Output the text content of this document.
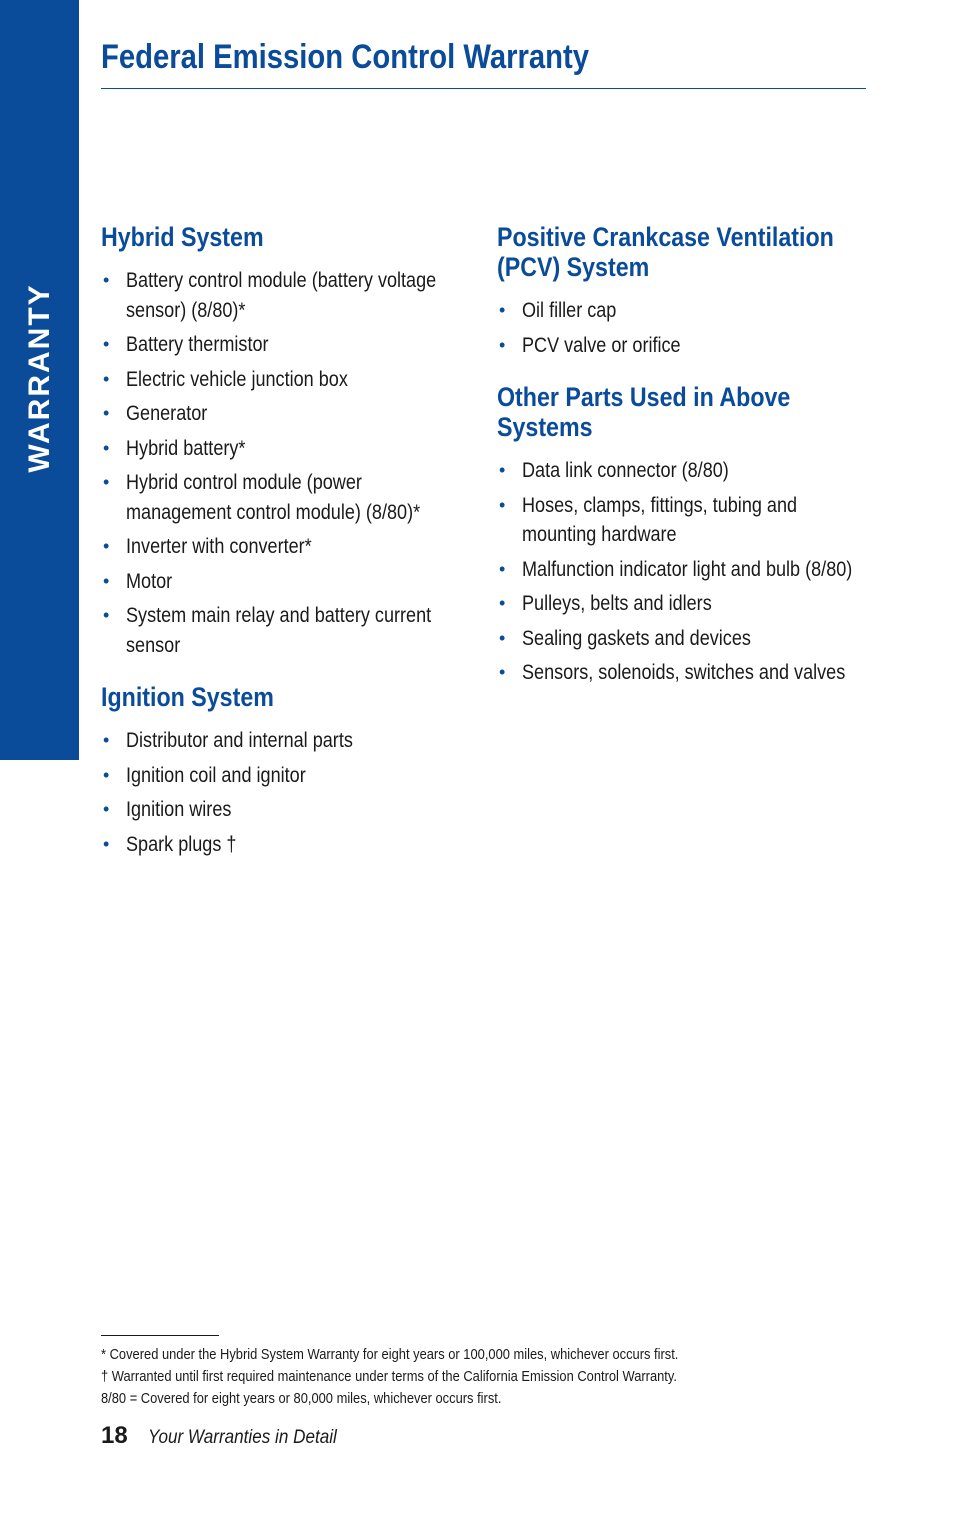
WARRANTY
Federal Emission Control Warranty
Hybrid System
• Battery control module (battery voltage sensor) (8/80)*
• Battery thermistor
• Electric vehicle junction box
• Generator
• Hybrid battery*
• Hybrid control module (power management control module) (8/80)*
• Inverter with converter*
• Motor
• System main relay and battery current sensor
Ignition System
• Distributor and internal parts
• Ignition coil and ignitor
• Ignition wires
• Spark plugs †
Positive Crankcase Ventilation (PCV) System
• Oil filler cap
• PCV valve or orifice
Other Parts Used in Above Systems
• Data link connector (8/80)
• Hoses, clamps, fittings, tubing and mounting hardware
• Malfunction indicator light and bulb (8/80)
• Pulleys, belts and idlers
• Sealing gaskets and devices
• Sensors, solenoids, switches and valves
* Covered under the Hybrid System Warranty for eight years or 100,000 miles, whichever occurs first.
† Warranted until first required maintenance under terms of the California Emission Control Warranty.
8/80 = Covered for eight years or 80,000 miles, whichever occurs first.
18 Your Warranties in Detail
